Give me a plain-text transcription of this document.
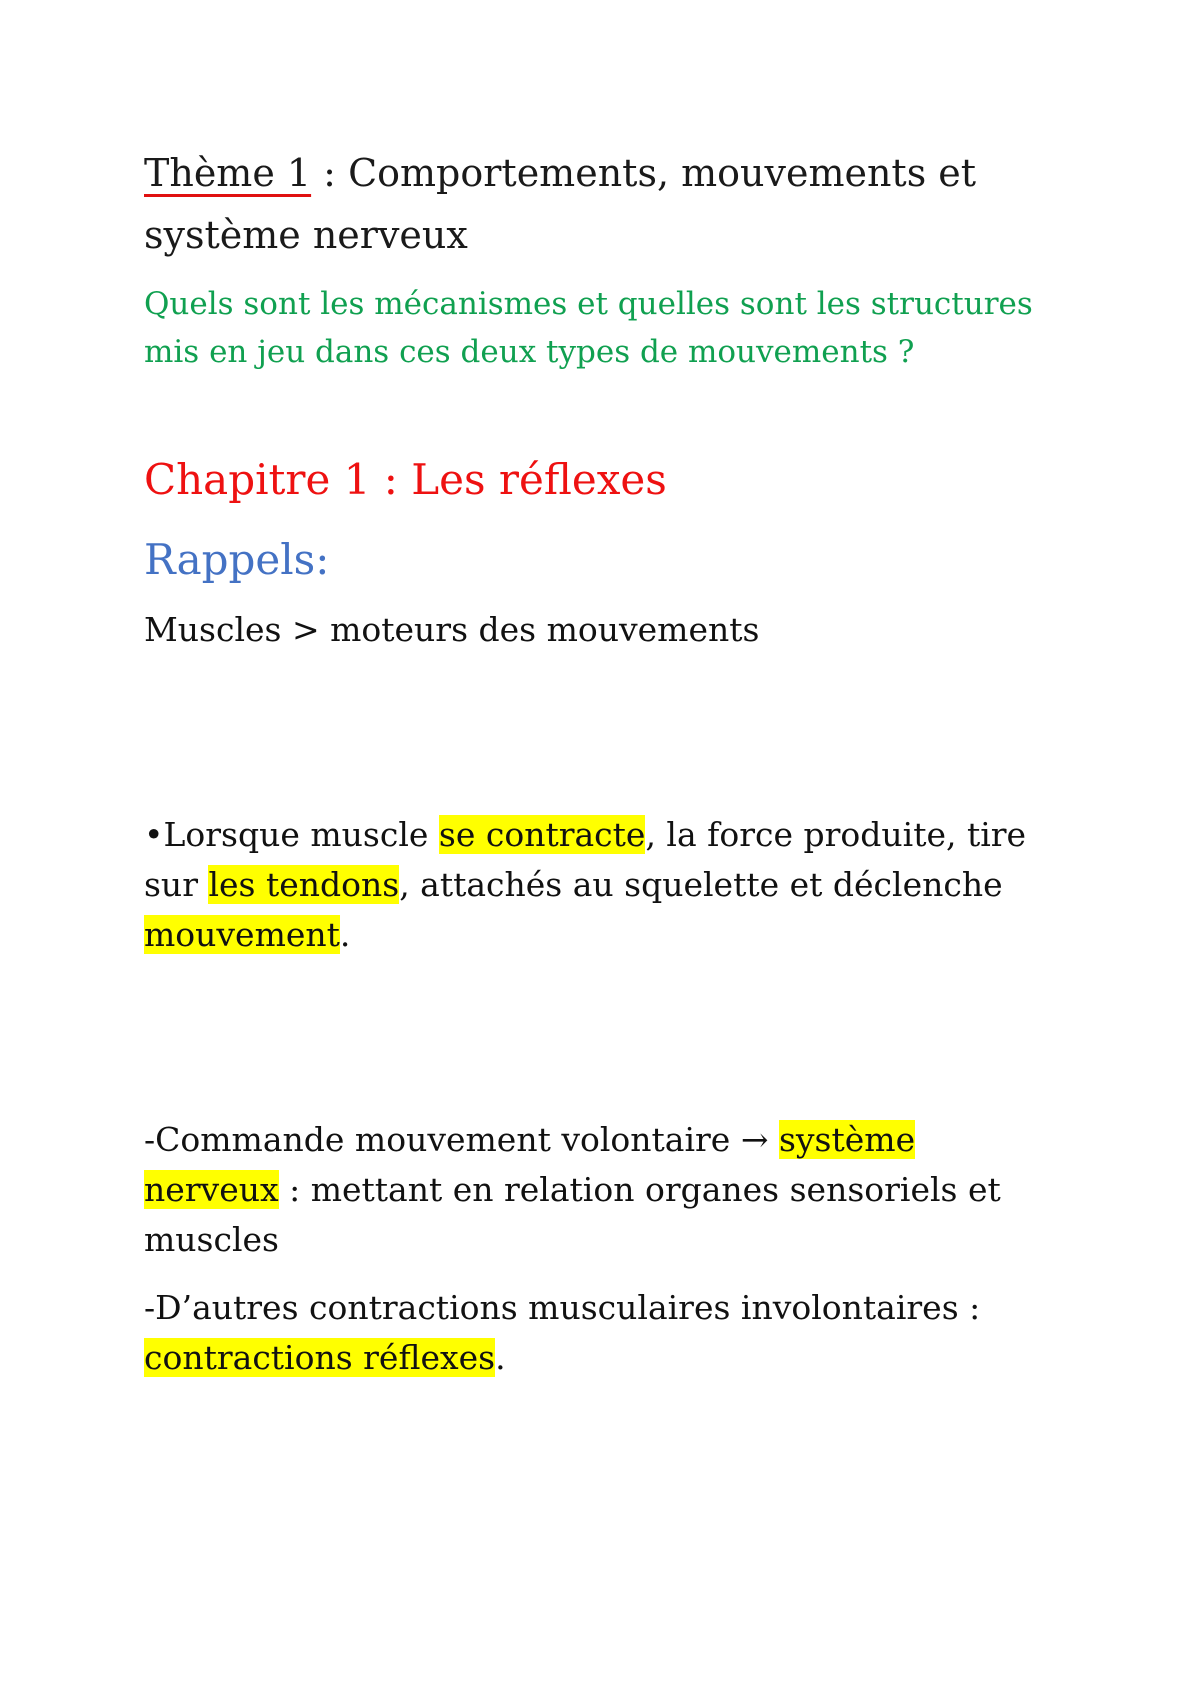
Thème 1 : Comportements, mouvements et
système nerveux
Quels sont les mécanismes et quelles sont les structures
mis en jeu dans ces deux types de mouvements ?
Chapitre 1 : Les réflexes
Rappels:
Muscles > moteurs des mouvements
•Lorsque muscle se contracte, la force produite, tire
sur les tendons, attachés au squelette et déclenche
mouvement.
-Commande mouvement volontaire → système
nerveux : mettant en relation organes sensoriels et
muscles
-D’autres contractions musculaires involontaires :
contractions réflexes.
